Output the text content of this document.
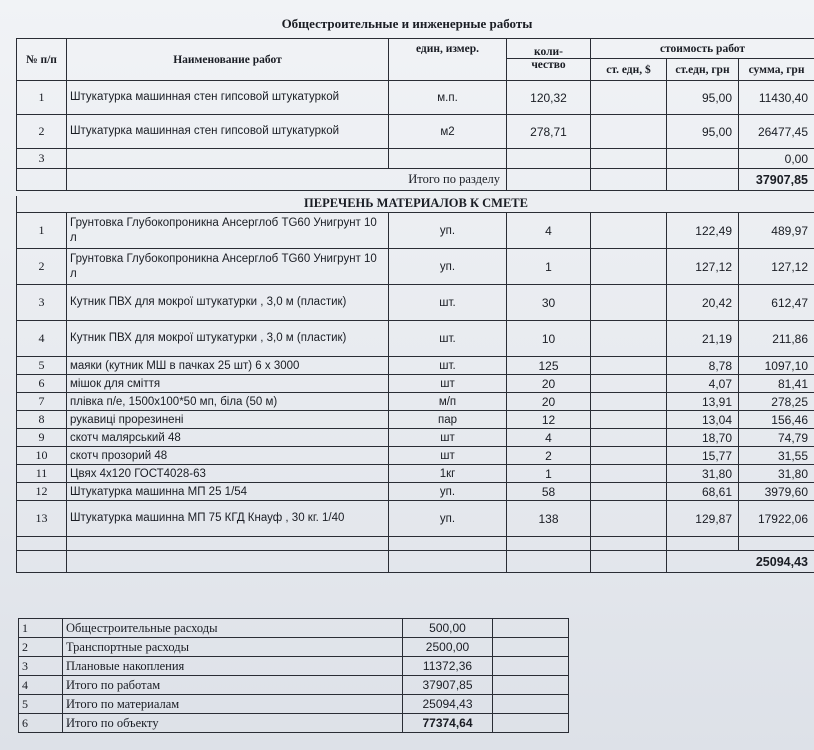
Общестроительные и инженерные работы
№ п/п	Наименование работ	един, измер.	коли-	стоимость работ		
			чество	ст. едн, $	ст.едн, грн	сумма, грн
1	Штукатурка машинная стен гипсовой штукатуркой	м.п.	120,32		95,00	11430,40
2	Штукатурка машинная стен гипсовой штукатуркой	м2	278,71		95,00	26477,45
3						0,00
	Итого по разделу					37907,85
ПЕРЕЧЕНЬ МАТЕРИАЛОВ К СМЕТЕ
1	Грунтовка Глубокопроникна Ансерглоб TG60 Унигрунт 10 л	уп.	4		122,49	489,97
2	Грунтовка Глубокопроникна Ансерглоб TG60 Унигрунт 10 л	уп.	1		127,12	127,12
3	Кутник ПВХ для мокрої штукатурки , 3,0 м (пластик)	шт.	30		20,42	612,47
4	Кутник ПВХ для мокрої штукатурки , 3,0 м (пластик)	шт.	10		21,19	211,86
5	маяки (кутник МШ в пачках 25 шт) 6 х 3000	шт.	125		8,78	1097,10
6	мішок для сміття	шт	20		4,07	81,41
7	плівка п/е, 1500х100*50 мп, біла (50 м)	м/п	20		13,91	278,25
8	рукавиці прорезинені	пар	12		13,04	156,46
9	скотч малярський 48	шт	4		18,70	74,79
10	скотч прозорий 48	шт	2		15,77	31,55
11	Цвях 4х120 ГОСТ4028-63	1кг	1		31,80	31,80
12	Штукатурка машинна МП 25 1/54	уп.	58		68,61	3979,60
13	Штукатурка машинна МП 75 КГД Кнауф , 30 кг. 1/40	уп.	138		129,87	17922,06

					25094,43	
1	Общестроительные расходы	500,00	
2	Транспортные расходы	2500,00	
3	Плановые накопления	11372,36	
4	Итого по работам	37907,85	
5	Итого по материалам	25094,43	
6	Итого по объекту	77374,64	
